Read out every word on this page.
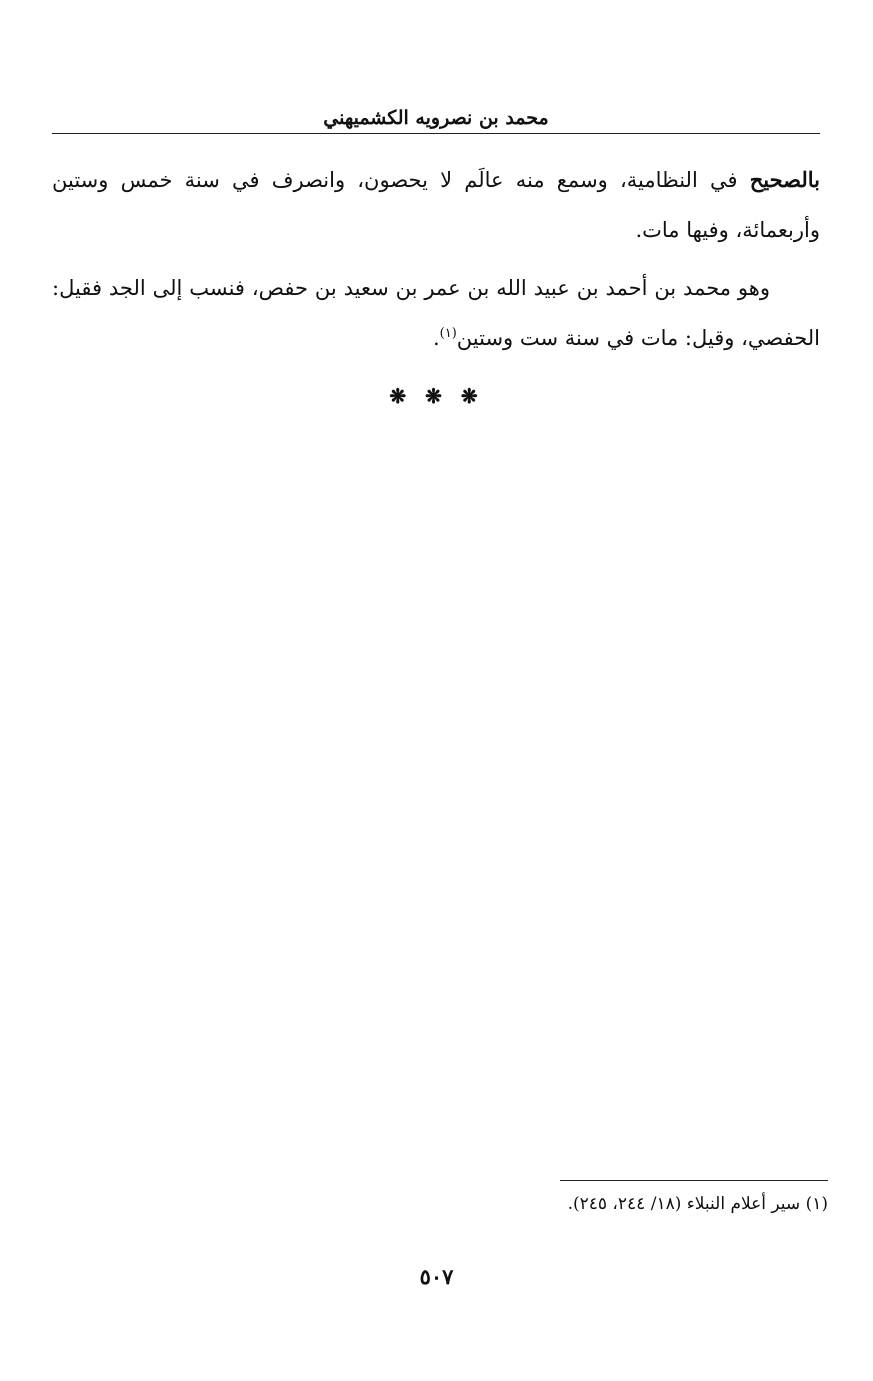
محمد بن نصرويه الكشميهني

بالصحيح في النظامية، وسمع منه عالَم لا يحصون، وانصرف في سنة خمس وستين وأربعمائة، وفيها مات.

وهو محمد بن أحمد بن عبيد الله بن عمر بن سعيد بن حفص، فنسب إلى الجد فقيل: الحفصي، وقيل: مات في سنة ست وستين$^{(١)}$.

❋ ❋ ❋
(١) سير أعلام النبلاء (١٨/ ٢٤٤، ٢٤٥).
٥٠٧
